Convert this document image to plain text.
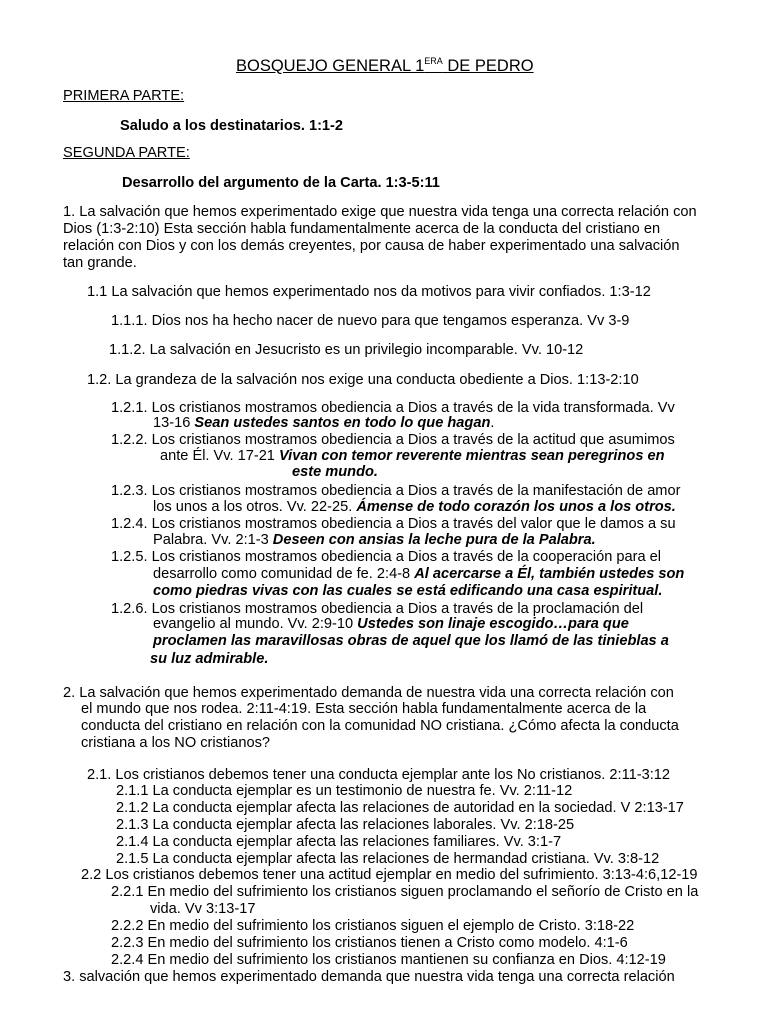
BOSQUEJO GENERAL $1^{ERA}$ DE PEDRO
PRIMERA PARTE:
Saludo a los destinatarios. 1:1-2
SEGUNDA PARTE:
Desarrollo del argumento de la Carta. 1:3-5:11
1. La salvación que hemos experimentado exige que nuestra vida tenga una correcta relación con
Dios (1:3-2:10) Esta sección habla fundamentalmente acerca de la conducta del cristiano en
relación con Dios y con los demás creyentes, por causa de haber experimentado una salvación
tan grande.
1.1 La salvación que hemos experimentado nos da motivos para vivir confiados. 1:3-12
1.1.1. Dios nos ha hecho nacer de nuevo para que tengamos esperanza. Vv 3-9
1.1.2. La salvación en Jesucristo es un privilegio incomparable. Vv. 10-12
1.2. La grandeza de la salvación nos exige una conducta obediente a Dios. 1:13-2:10
1.2.1. Los cristianos mostramos obediencia a Dios a través de la vida transformada. Vv
13-16 Sean ustedes santos en todo lo que hagan.
1.2.2. Los cristianos mostramos obediencia a Dios a través de la actitud que asumimos
ante Él. Vv. 17-21 Vivan con temor reverente mientras sean peregrinos en
este mundo.
1.2.3. Los cristianos mostramos obediencia a Dios a través de la manifestación de amor
los unos a los otros. Vv. 22-25. Ámense de todo corazón los unos a los otros.
1.2.4. Los cristianos mostramos obediencia a Dios a través del valor que le damos a su
Palabra. Vv. 2:1-3 Deseen con ansias la leche pura de la Palabra.
1.2.5. Los cristianos mostramos obediencia a Dios a través de la cooperación para el
desarrollo como comunidad de fe. 2:4-8 Al acercarse a Él, también ustedes son
como piedras vivas con las cuales se está edificando una casa espiritual.
1.2.6. Los cristianos mostramos obediencia a Dios a través de la proclamación del
evangelio al mundo. Vv. 2:9-10 Ustedes son linaje escogido…para que
proclamen las maravillosas obras de aquel que los llamó de las tinieblas a
su luz admirable.
2. La salvación que hemos experimentado demanda de nuestra vida una correcta relación con
el mundo que nos rodea. 2:11-4:19. Esta sección habla fundamentalmente acerca de la
conducta del cristiano en relación con la comunidad NO cristiana. ¿Cómo afecta la conducta
cristiana a los NO cristianos?
2.1. Los cristianos debemos tener una conducta ejemplar ante los No cristianos. 2:11-3:12
2.1.1 La conducta ejemplar es un testimonio de nuestra fe. Vv. 2:11-12
2.1.2 La conducta ejemplar afecta las relaciones de autoridad en la sociedad. V 2:13-17
2.1.3 La conducta ejemplar afecta las relaciones laborales. Vv. 2:18-25
2.1.4 La conducta ejemplar afecta las relaciones familiares. Vv. 3:1-7
2.1.5 La conducta ejemplar afecta las relaciones de hermandad cristiana. Vv. 3:8-12
2.2 Los cristianos debemos tener una actitud ejemplar en medio del sufrimiento. 3:13-4:6,12-19
2.2.1 En medio del sufrimiento los cristianos siguen proclamando el señorío de Cristo en la
vida. Vv 3:13-17
2.2.2 En medio del sufrimiento los cristianos siguen el ejemplo de Cristo. 3:18-22
2.2.3 En medio del sufrimiento los cristianos tienen a Cristo como modelo. 4:1-6
2.2.4 En medio del sufrimiento los cristianos mantienen su confianza en Dios. 4:12-19
3. salvación que hemos experimentado demanda que nuestra vida tenga una correcta relación
